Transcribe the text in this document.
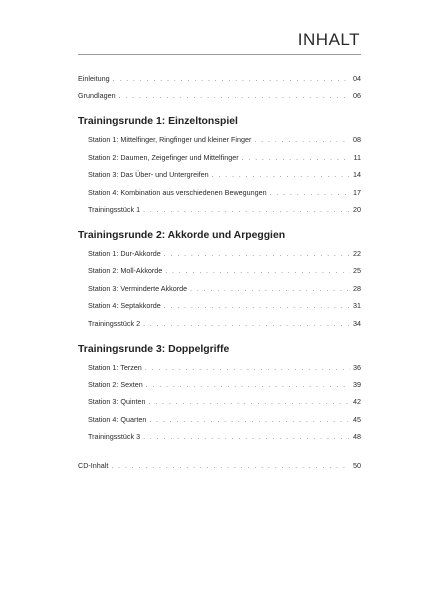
INHALT
Einleitung . . .	04
Grundlagen . . .	06
Trainingsrunde 1: Einzeltonspiel
Station 1: Mittelfinger, Ringfinger und kleiner Finger . . .	08
Station 2: Daumen, Zeigefinger und Mittelfinger . . .	11
Station 3: Das Über- und Untergreifen . . .	14
Station 4: Kombination aus verschiedenen Bewegungen . . .	17
Trainingsstück 1 . . .	20
Trainingsrunde 2: Akkorde und Arpeggien
Station 1: Dur-Akkorde . . .	22
Station 2: Moll-Akkorde . . .	25
Station 3: Verminderte Akkorde . . .	28
Station 4: Septakkorde . . .	31
Trainingsstück 2 . . .	34
Trainingsrunde 3: Doppelgriffe
Station 1: Terzen . . .	36
Station 2: Sexten . . .	39
Station 3: Quinten . . .	42
Station 4: Quarten . . .	45
Trainingsstück 3 . . .	48
CD-Inhalt . . .	50
